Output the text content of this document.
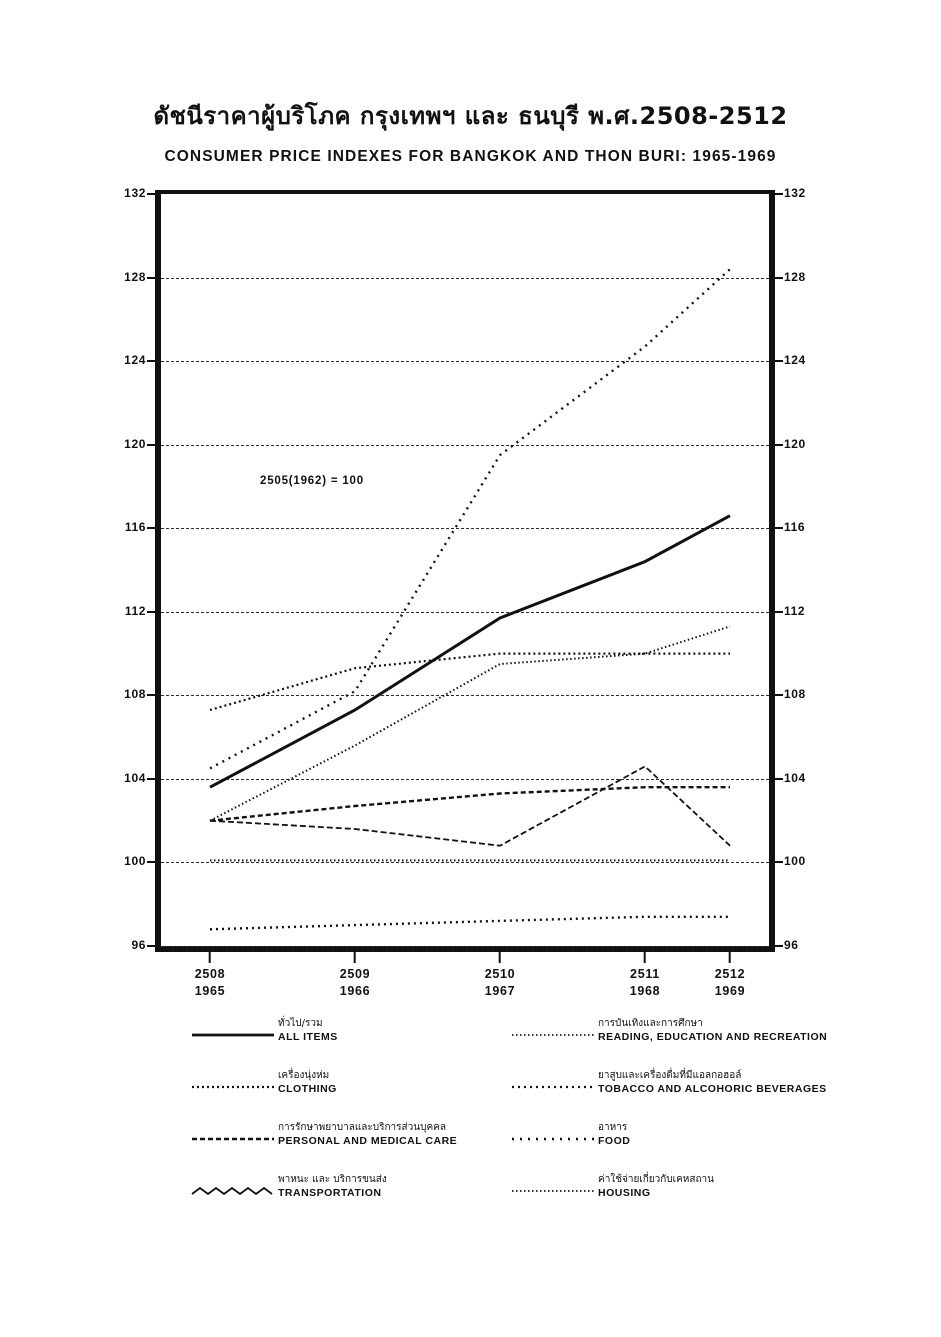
ดัชนีราคาผู้บริโภค กรุงเทพฯ และ ธนบุรี พ.ศ.2508-2512
CONSUMER PRICE INDEXES FOR BANGKOK AND THON BURI: 1965-1969
96	96
100	100
104	104
108	108
112	112
116	116
120	120
124	124
128	128
132	132
2505(1962) = 100
2508
1965
2509
1966
2510
1967
2511
1968
2512
1969
ทั่วไป/รวม
ALL ITEMS
การบันเทิงและการศึกษา
READING, EDUCATION AND RECREATION
เครื่องนุ่งห่ม
CLOTHING
ยาสูบและเครื่องดื่มที่มีแอลกอฮอล์
TOBACCO AND ALCOHORIC BEVERAGES
การรักษาพยาบาลและบริการส่วนบุคคล
PERSONAL AND MEDICAL CARE
อาหาร
FOOD
พาหนะ และ บริการขนส่ง
TRANSPORTATION
ค่าใช้จ่ายเกี่ยวกับเคหสถาน
HOUSING
